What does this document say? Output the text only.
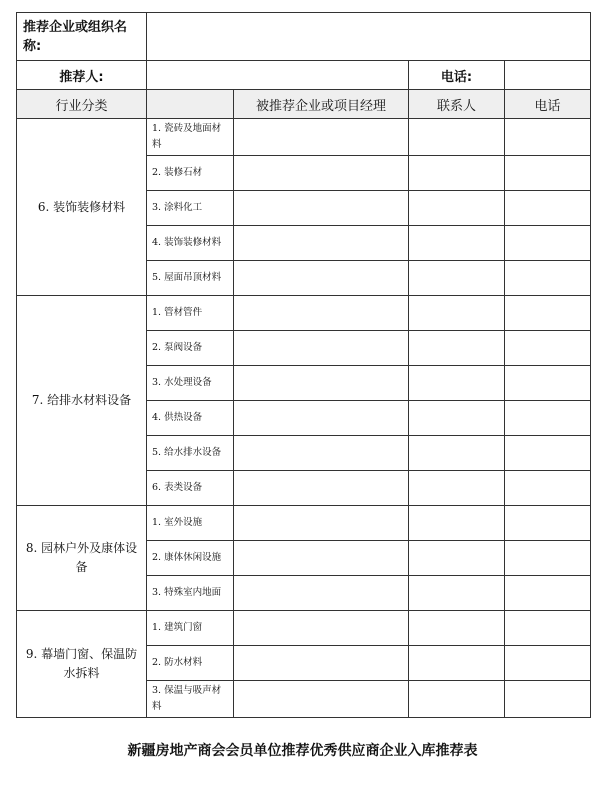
推荐企业或组织名称:				
推荐人:			电话:	
行业分类		被推荐企业或项目经理	联系人	电话
6. 装饰装修材料	1. 瓷砖及地面材料			
	2. 装修石材			
	3. 涂料化工			
	4. 装饰装修材料			
	5. 屋面吊顶材料			
7. 给排水材料设备	1. 管材管件			
	2. 泵阀设备			
	3. 水处理设备			
	4. 供热设备			
	5. 给水排水设备			
	6. 表类设备			
8. 园林户外及康体设备	1. 室外设施			
	2. 康体休闲设施			
	3. 特殊室内地面			
9. 幕墙门窗、保温防水拆料	1. 建筑门窗			
	2. 防水材料			
	3. 保温与吸声材料			
新疆房地产商会会员单位推荐优秀供应商企业入库推荐表
